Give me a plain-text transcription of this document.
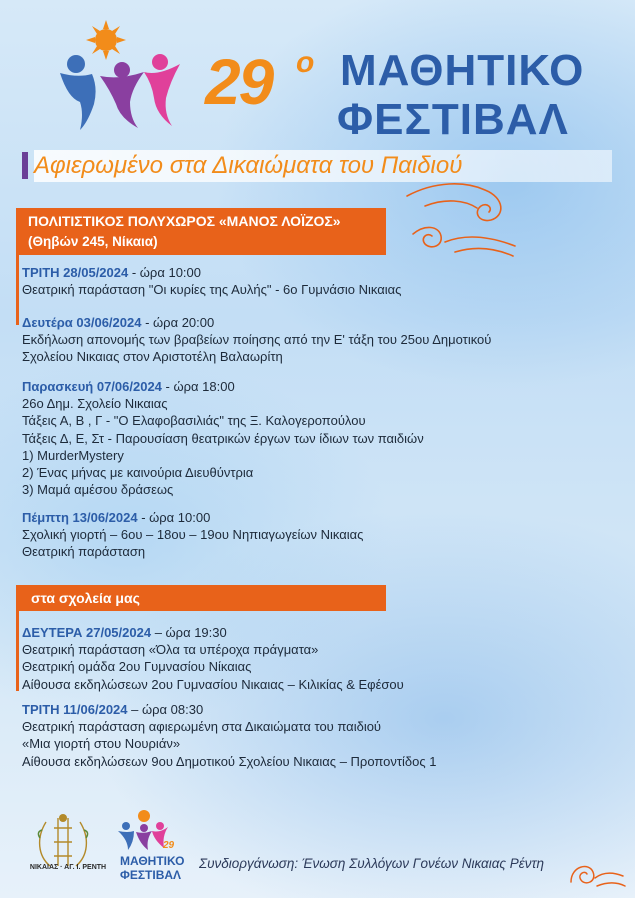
29 ο ΜΑΘΗΤΙΚΟ
ΦΕΣΤΙΒΑΛ
Αφιερωμένο στα Δικαιώματα του Παιδιού
ΠΟΛΙΤΙΣΤΙΚΟΣ ΠΟΛΥΧΩΡΟΣ «ΜΑΝΟΣ ΛΟΪΖΟΣ»
(Θηβών 245, Νίκαια)
ΤΡΙΤΗ 28/05/2024 - ώρα 10:00
Θεατρική παράσταση "Οι κυρίες της Αυλής" - 6ο Γυμνάσιο Νικαιας
Δευτέρα 03/06/2024 - ώρα 20:00
Εκδήλωση απονομής των βραβείων ποίησης από την Ε' τάξη του 25ου Δημοτικού
Σχολείου Νικαιας στον Αριστοτέλη Βαλαωρίτη
Παρασκευή 07/06/2024 - ώρα 18:00
26ο Δημ. Σχολείο Νικαιας
Τάξεις Α, Β , Γ - "Ο Ελαφοβασιλιάς" της Ξ. Καλογεροπούλου
Τάξεις Δ, Ε, Στ - Παρουσίαση θεατρικών έργων των ίδιων των παιδιών
1) MurderMystery
2) Ένας μήνας με καινούρια Διευθύντρια
3) Μαμά αμέσου δράσεως
Πέμπτη 13/06/2024 - ώρα 10:00
Σχολική γιορτή – 6ου – 18ου – 19ου Νηπιαγωγείων Νικαιας
Θεατρική παράσταση
στα σχολεία μας
ΔΕΥΤΕΡΑ 27/05/2024 – ώρα 19:30
Θεατρική παράσταση «Όλα τα υπέροχα πράγματα»
Θεατρική ομάδα 2ου Γυμνασίου Νίκαιας
Αίθουσα εκδηλώσεων 2ου Γυμνασίου Νικαιας – Κιλικίας & Εφέσου
ΤΡΙΤΗ 11/06/2024 – ώρα 08:30
Θεατρική παράσταση αφιερωμένη στα Δικαιώματα του παιδιού
«Μια γιορτή στου Νουριάν»
Αίθουσα εκδηλώσεων 9ου Δημοτικού Σχολείου Νικαιας – Προποντίδος 1
ΝΙΚΑΙΑΣ · ΑΓ. Ι. ΡΕΝΤΗ
29
ΜΑΘΗΤΙΚΟ
ΦΕΣΤΙΒΑΛ
Συνδιοργάνωση: Ένωση Συλλόγων Γονέων Νικαιας Ρέντη
